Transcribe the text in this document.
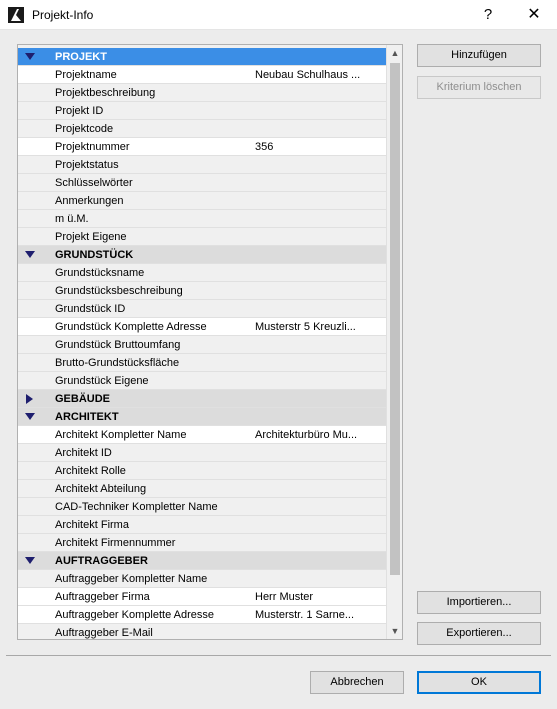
Projekt-Info	?	✕
PROJEKT
Projektname	Neubau Schulhaus ...
Projektbeschreibung
Projekt ID
Projektcode
Projektnummer	356
Projektstatus
Schlüsselwörter
Anmerkungen
m ü.M.
Projekt Eigene
GRUNDSTÜCK
Grundstücksname
Grundstücksbeschreibung
Grundstück ID
Grundstück Komplette Adresse	Musterstr 5 Kreuzli...
Grundstück Bruttoumfang
Brutto-Grundstücksfläche
Grundstück Eigene
GEBÄUDE
ARCHITEKT
Architekt Kompletter Name	Architekturbüro Mu...
Architekt ID
Architekt Rolle
Architekt Abteilung
CAD-Techniker Kompletter Name
Architekt Firma
Architekt Firmennummer
AUFTRAGGEBER
Auftraggeber Kompletter Name
Auftraggeber Firma	Herr Muster
Auftraggeber Komplette Adresse	Musterstr. 1 Sarne...
Auftraggeber E-Mail
▲
▼
Hinzufügen
Kriterium löschen
Importieren...
Exportieren...
Abbrechen	OK
